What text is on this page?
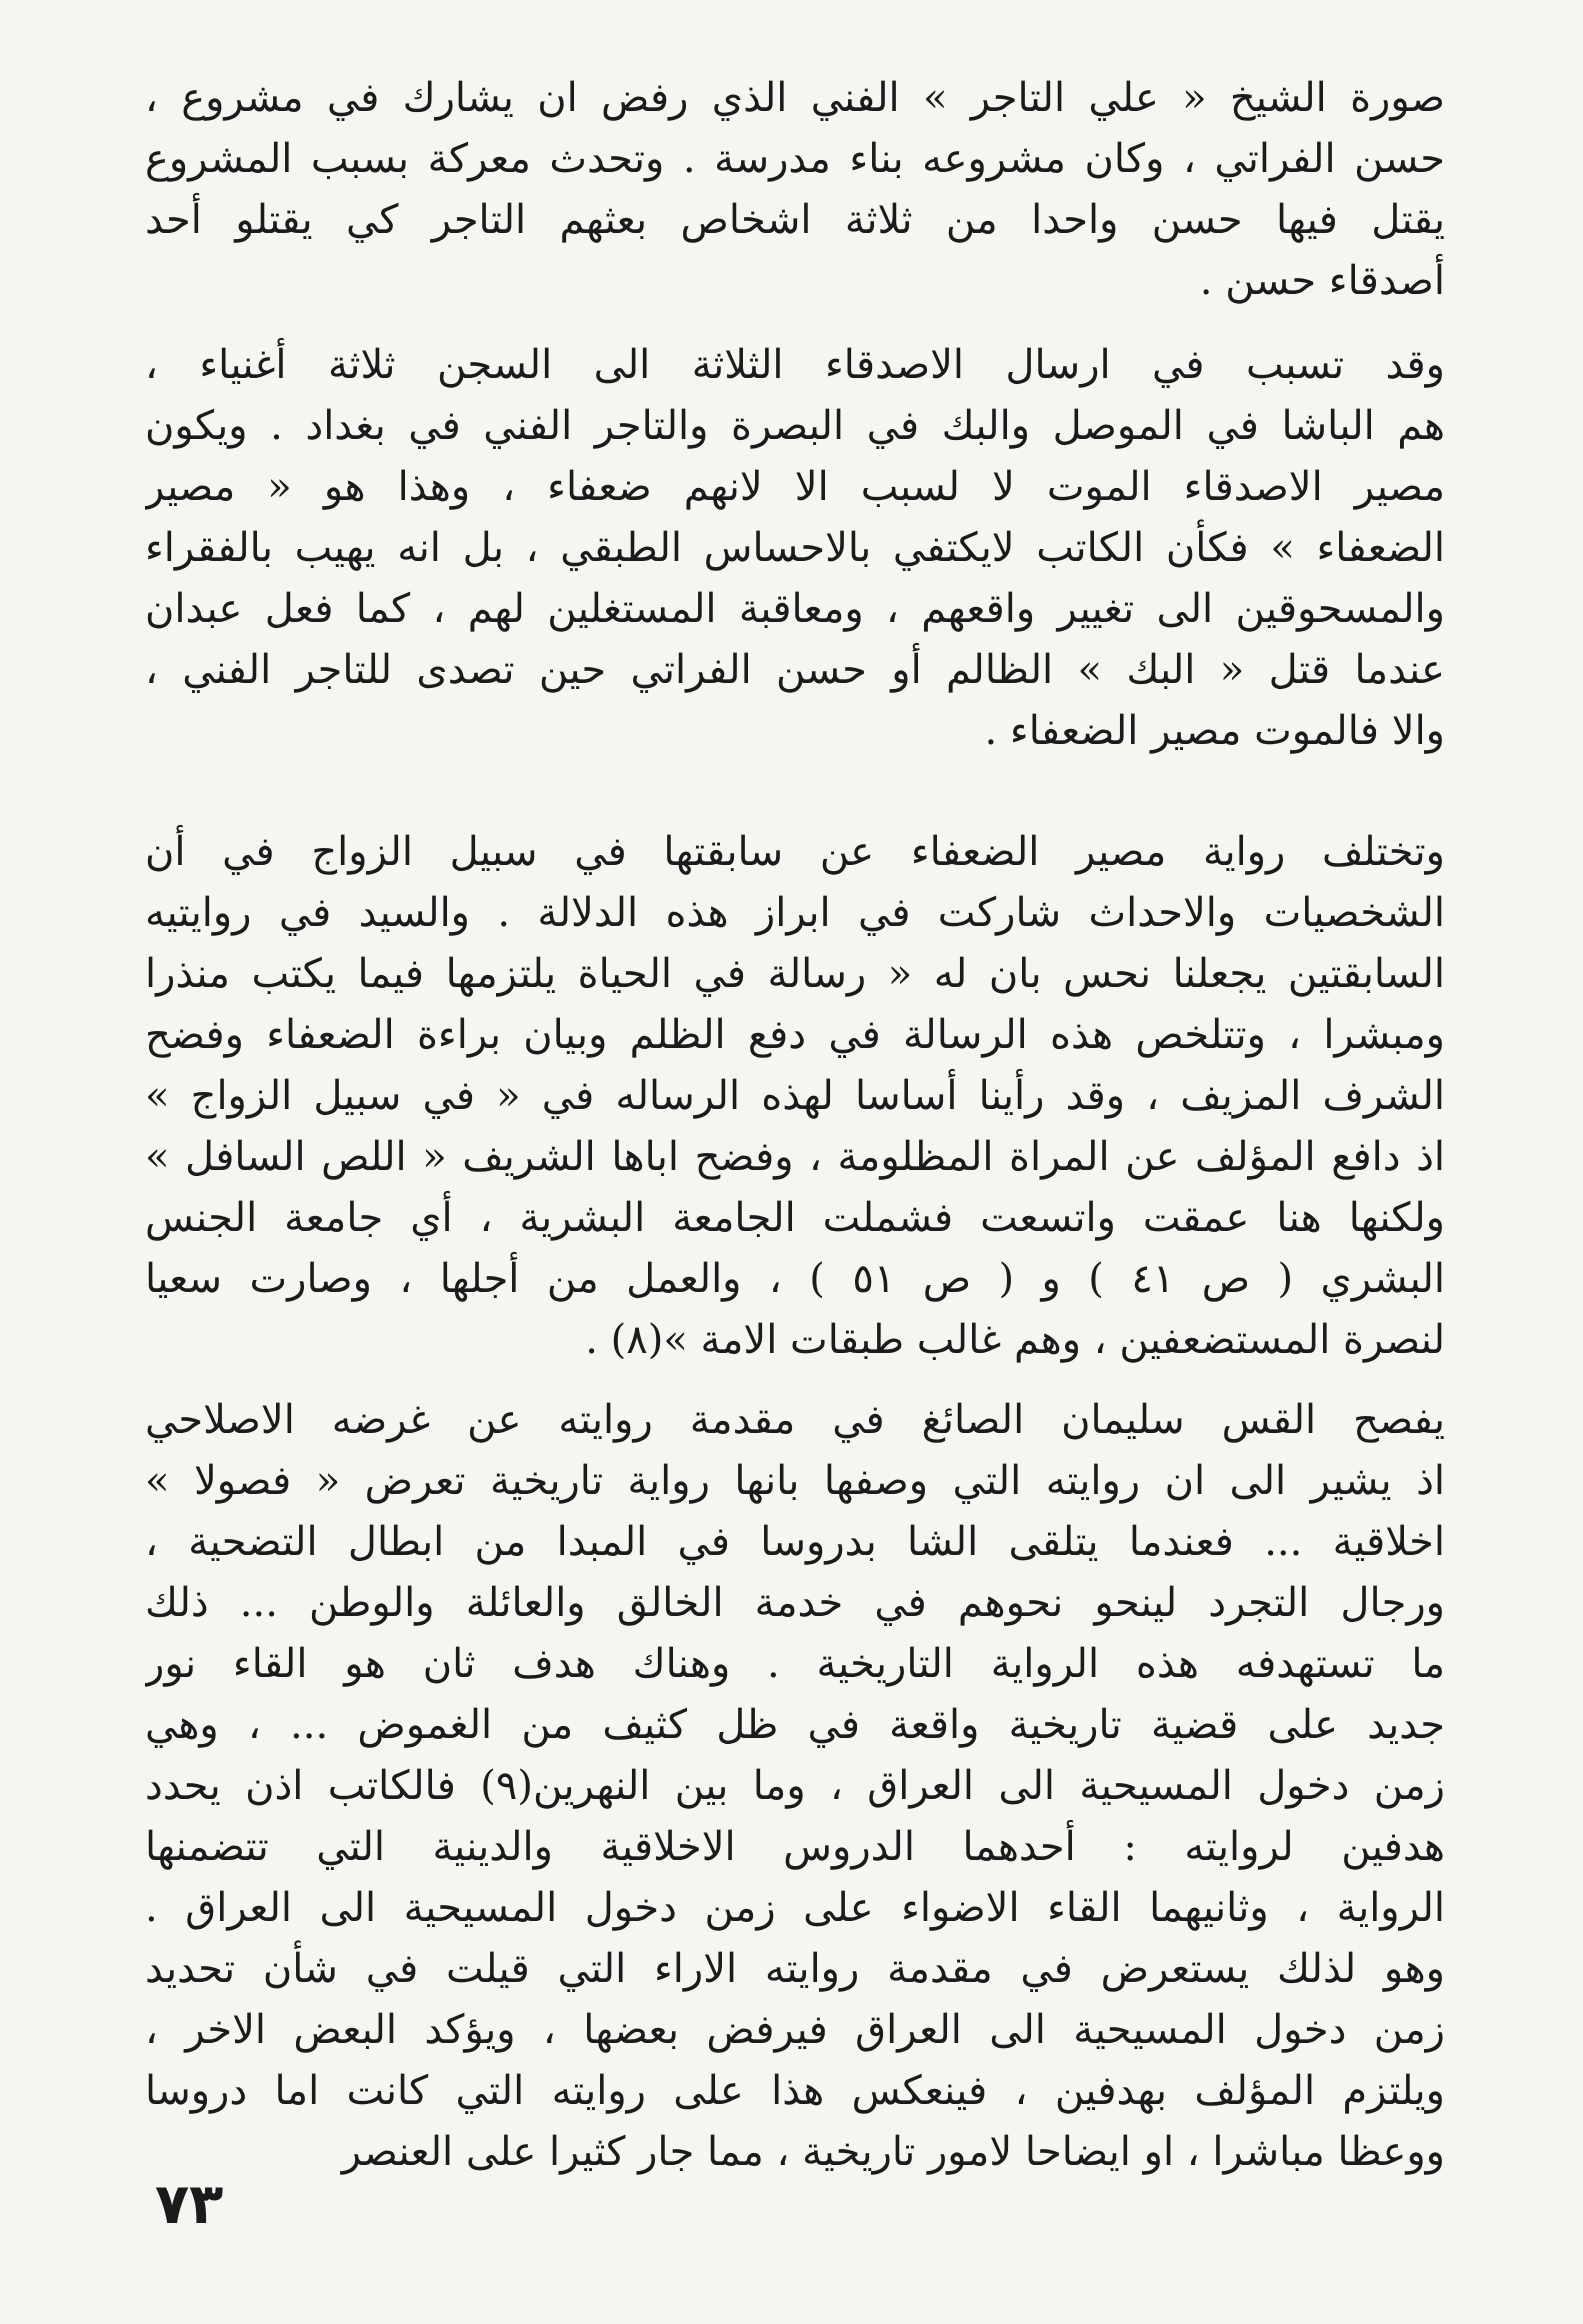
صورة الشيخ « علي التاجر » الفني الذي رفض ان يشارك في مشروع ،
حسن الفراتي ، وكان مشروعه بناء مدرسة . وتحدث معركة بسبب المشروع
يقتل فيها حسن واحدا من ثلاثة اشخاص بعثهم التاجر كي يقتلو أحد
أصدقاء حسن .
وقد تسبب في ارسال الاصدقاء الثلاثة الى السجن ثلاثة أغنياء ،
هم الباشا في الموصل والبك في البصرة والتاجر الفني في بغداد . ويكون
مصير الاصدقاء الموت لا لسبب الا لانهم ضعفاء ، وهذا هو « مصير
الضعفاء » فكأن الكاتب لايكتفي بالاحساس الطبقي ، بل انه يهيب بالفقراء
والمسحوقين الى تغيير واقعهم ، ومعاقبة المستغلين لهم ، كما فعل عبدان
عندما قتل « البك » الظالم أو حسن الفراتي حين تصدى للتاجر الفني ،
والا فالموت مصير الضعفاء .
وتختلف رواية مصير الضعفاء عن سابقتها في سبيل الزواج في أن
الشخصيات والاحداث شاركت في ابراز هذه الدلالة . والسيد في روايتيه
السابقتين يجعلنا نحس بان له « رسالة في الحياة يلتزمها فيما يكتب منذرا
ومبشرا ، وتتلخص هذه الرسالة في دفع الظلم وبيان براءة الضعفاء وفضح
الشرف المزيف ، وقد رأينا أساسا لهذه الرساله في « في سبيل الزواج »
اذ دافع المؤلف عن المراة المظلومة ، وفضح اباها الشريف « اللص السافل »
ولكنها هنا عمقت واتسعت فشملت الجامعة البشرية ، أي جامعة الجنس
البشري ( ص ٤١ ) و ( ص ٥١ ) ، والعمل من أجلها ، وصارت سعيا
لنصرة المستضعفين ، وهم غالب طبقات الامة »(٨) .
يفصح القس سليمان الصائغ في مقدمة روايته عن غرضه الاصلاحي
اذ يشير الى ان روايته التي وصفها بانها رواية تاريخية تعرض « فصولا »
اخلاقية ... فعندما يتلقى الشا بدروسا في المبدا من ابطال التضحية ،
ورجال التجرد لينحو نحوهم في خدمة الخالق والعائلة والوطن ... ذلك
ما تستهدفه هذه الرواية التاريخية . وهناك هدف ثان هو القاء نور
جديد على قضية تاريخية واقعة في ظل كثيف من الغموض ... ، وهي
زمن دخول المسيحية الى العراق ، وما بين النهرين(٩) فالكاتب اذن يحدد
هدفين لروايته : أحدهما الدروس الاخلاقية والدينية التي تتضمنها
الرواية ، وثانيهما القاء الاضواء على زمن دخول المسيحية الى العراق .
وهو لذلك يستعرض في مقدمة روايته الاراء التي قيلت في شأن تحديد
زمن دخول المسيحية الى العراق فيرفض بعضها ، ويؤكد البعض الاخر ،
ويلتزم المؤلف بهدفين ، فينعكس هذا على روايته التي كانت اما دروسا
ووعظا مباشرا ، او ايضاحا لامور تاريخية ، مما جار كثيرا على العنصر
٧٣
